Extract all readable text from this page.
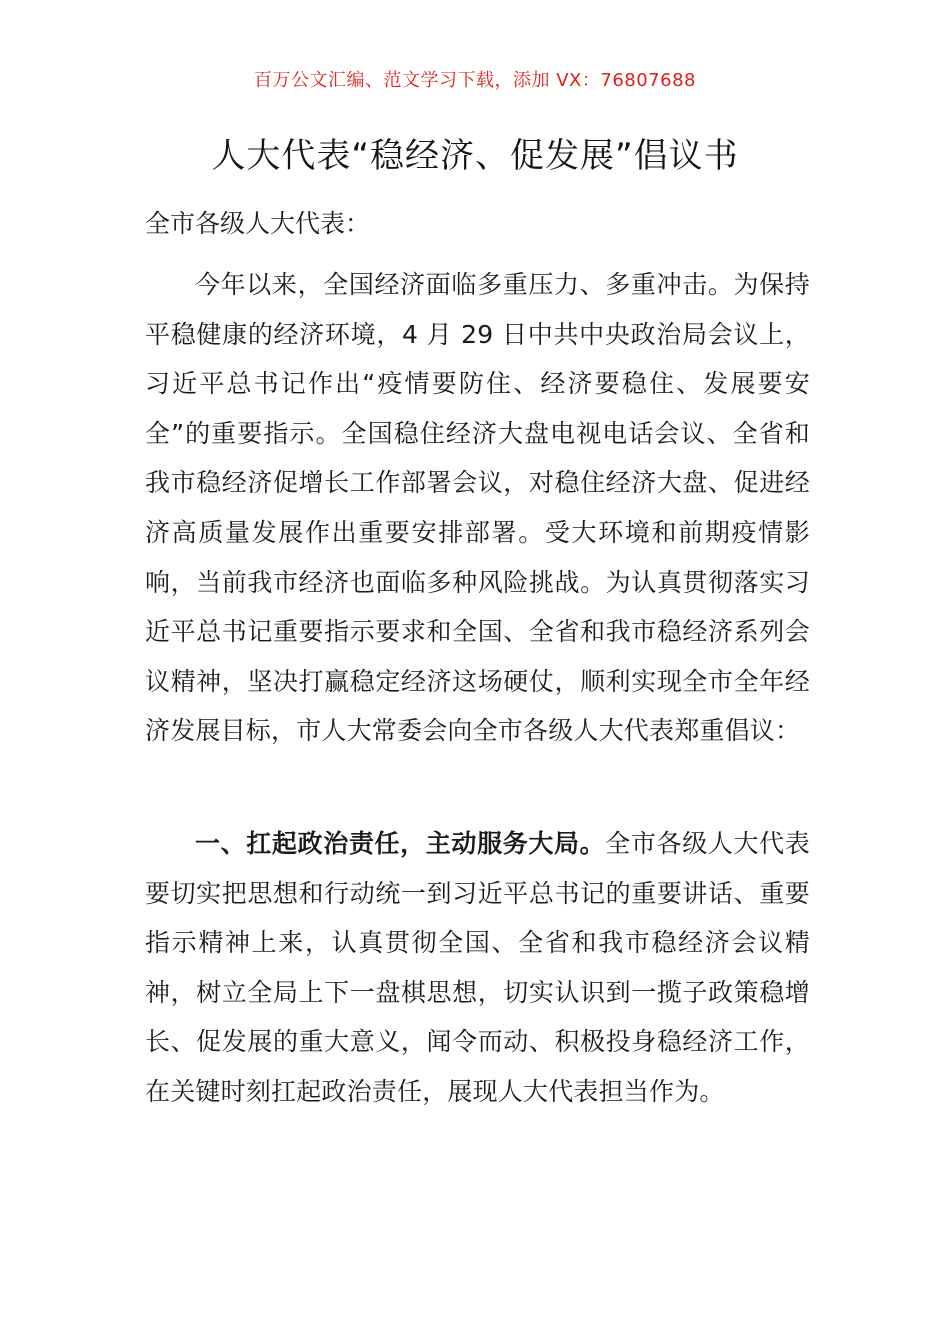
百万公文汇编、范文学习下载，添加 VX：76807688
人大代表“稳经济、促发展”倡议书
全市各级人大代表：

今年以来，全国经济面临多重压力、多重冲击。为保持平稳健康的经济环境，4 月 29 日中共中央政治局会议上，习近平总书记作出“疫情要防住、经济要稳住、发展要安全”的重要指示。全国稳住经济大盘电视电话会议、全省和我市稳经济促增长工作部署会议，对稳住经济大盘、促进经济高质量发展作出重要安排部署。受大环境和前期疫情影响，当前我市经济也面临多种风险挑战。为认真贯彻落实习近平总书记重要指示要求和全国、全省和我市稳经济系列会议精神，坚决打赢稳定经济这场硬仗，顺利实现全市全年经济发展目标，市人大常委会向全市各级人大代表郑重倡议：

一、扛起政治责任，主动服务大局。全市各级人大代表要切实把思想和行动统一到习近平总书记的重要讲话、重要指示精神上来，认真贯彻全国、全省和我市稳经济会议精神，树立全局上下一盘棋思想，切实认识到一揽子政策稳增长、促发展的重大意义，闻令而动、积极投身稳经济工作，在关键时刻扛起政治责任，展现人大代表担当作为。
